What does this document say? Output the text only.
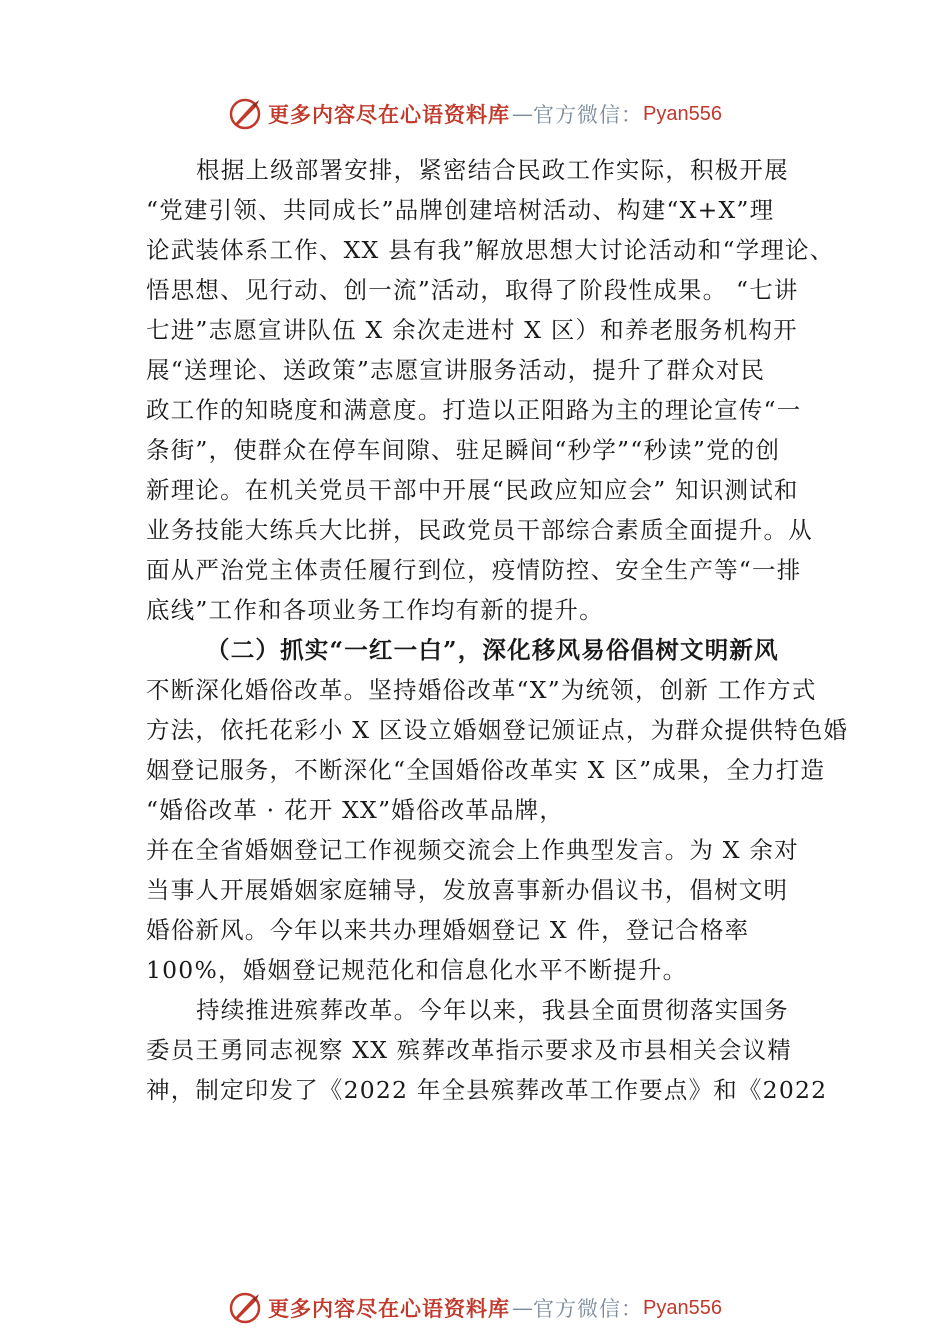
更多内容尽在心语资料库 — 官方微信： Pyan556
根据上级部署安排，紧密结合民政工作实际，积极开展
“党建引领、共同成长”品牌创建培树活动、构建“X+X”理
论武装体系工作、XX 县有我”解放思想大讨论活动和“学理论、
悟思想、见行动、创一流”活动，取得了阶段性成果。 “七讲
七进”志愿宣讲队伍 X 余次走进村 X 区）和养老服务机构开
展“送理论、送政策”志愿宣讲服务活动，提升了群众对民
政工作的知晓度和满意度。打造以正阳路为主的理论宣传“一
条街”，使群众在停车间隙、驻足瞬间“秒学”“秒读”党的创
新理论。在机关党员干部中开展“民政应知应会” 知识测试和
业务技能大练兵大比拼，民政党员干部综合素质全面提升。从
面从严治党主体责任履行到位，疫情防控、安全生产等“一排
底线”工作和各项业务工作均有新的提升。
（二）抓实“一红一白”，深化移风易俗倡树文明新风
不断深化婚俗改革。坚持婚俗改革“X”为统领，创新 工作方式
方法，依托花彩小 X 区设立婚姻登记颁证点，为群众提供特色婚
姻登记服务，不断深化“全国婚俗改革实 X 区”成果，全力打造
“婚俗改革 · 花开 XX”婚俗改革品牌，
并在全省婚姻登记工作视频交流会上作典型发言。为 X 余对
当事人开展婚姻家庭辅导，发放喜事新办倡议书，倡树文明
婚俗新风。今年以来共办理婚姻登记 X 件，登记合格率
100%，婚姻登记规范化和信息化水平不断提升。
持续推进殡葬改革。今年以来，我县全面贯彻落实国务
委员王勇同志视察 XX 殡葬改革指示要求及市县相关会议精
神，制定印发了《2022 年全县殡葬改革工作要点》和《2022
更多内容尽在心语资料库 — 官方微信： Pyan556
